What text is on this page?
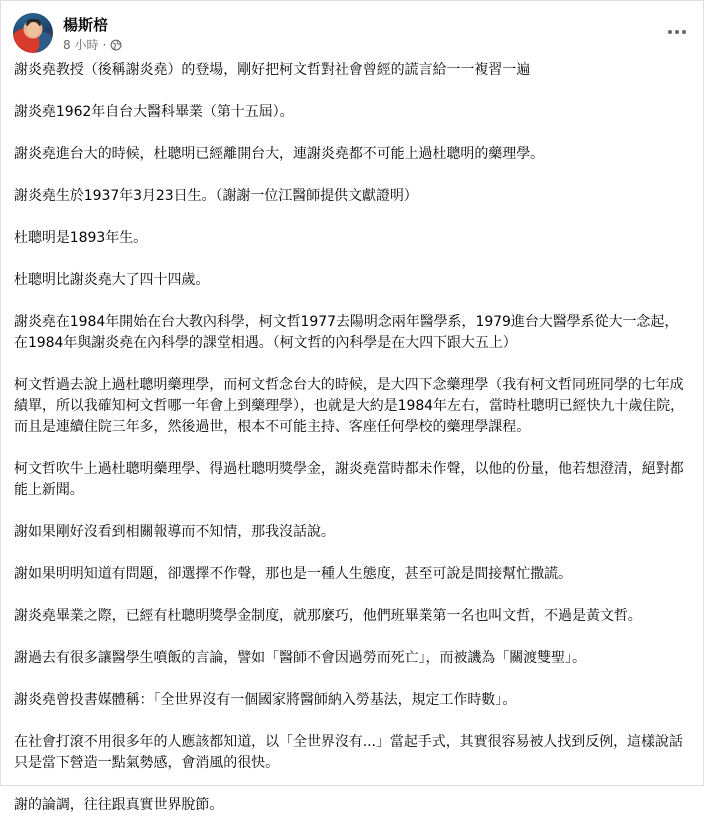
楊斯棓
8 小時 ·

謝炎堯教授（後稱謝炎堯）的登場，剛好把柯文哲對社會曾經的謊言給一一複習一遍

謝炎堯1962年自台大醫科畢業（第十五屆）。

謝炎堯進台大的時候，杜聰明已經離開台大，連謝炎堯都不可能上過杜聰明的藥理學。

謝炎堯生於1937年3月23日生。（謝謝一位江醫師提供文獻證明）

杜聰明是1893年生。

杜聰明比謝炎堯大了四十四歲。

謝炎堯在1984年開始在台大教內科學，柯文哲1977去陽明念兩年醫學系，1979進台大醫學系從大一念起，在1984年與謝炎堯在內科學的課堂相遇。（柯文哲的內科學是在大四下跟大五上）

柯文哲過去說上過杜聰明藥理學，而柯文哲念台大的時候，是大四下念藥理學（我有柯文哲同班同學的七年成績單，所以我確知柯文哲哪一年會上到藥理學），也就是大約是1984年左右，當時杜聰明已經快九十歲住院，而且是連續住院三年多，然後過世，根本不可能主持、客座任何學校的藥理學課程。

柯文哲吹牛上過杜聰明藥理學、得過杜聰明獎學金，謝炎堯當時都未作聲，以他的份量，他若想澄清，絕對都能上新聞。

謝如果剛好沒看到相關報導而不知情，那我沒話說。

謝如果明明知道有問題，卻選擇不作聲，那也是一種人生態度，甚至可說是間接幫忙撒謊。

謝炎堯畢業之際，已經有杜聰明獎學金制度，就那麼巧，他們班畢業第一名也叫文哲，不過是黃文哲。

謝過去有很多讓醫學生噴飯的言論，譬如「醫師不會因過勞而死亡」，而被譏為「關渡雙聖」。

謝炎堯曾投書媒體稱：「全世界沒有一個國家將醫師納入勞基法，規定工作時數」。

在社會打滾不用很多年的人應該都知道，以「全世界沒有...」當起手式，其實很容易被人找到反例，這樣說話只是當下營造一點氣勢感，會消風的很快。

謝的論調，往往跟真實世界脫節。
